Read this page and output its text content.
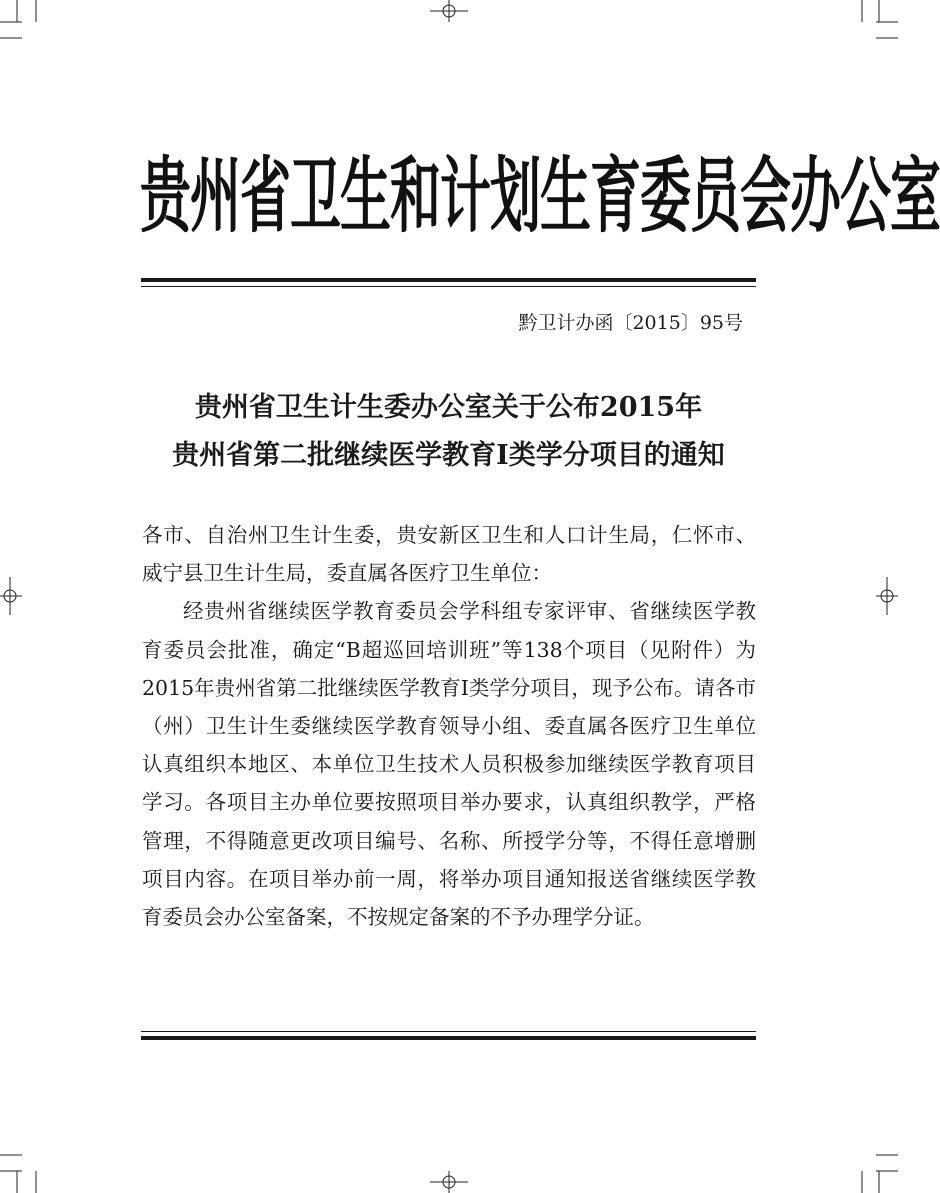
贵州省卫生和计划生育委员会办公室
黔卫计办函〔2015〕95号
贵州省卫生计生委办公室关于公布2015年
贵州省第二批继续医学教育Ⅰ类学分项目的通知

各市、自治州卫生计生委，贵安新区卫生和人口计生局，仁怀市、威宁县卫生计生局，委直属各医疗卫生单位：

经贵州省继续医学教育委员会学科组专家评审、省继续医学教育委员会批准，确定“B超巡回培训班”等138个项目（见附件）为2015年贵州省第二批继续医学教育Ⅰ类学分项目，现予公布。请各市（州）卫生计生委继续医学教育领导小组、委直属各医疗卫生单位认真组织本地区、本单位卫生技术人员积极参加继续医学教育项目学习。各项目主办单位要按照项目举办要求，认真组织教学，严格管理，不得随意更改项目编号、名称、所授学分等，不得任意增删项目内容。在项目举办前一周，将举办项目通知报送省继续医学教育委员会办公室备案，不按规定备案的不予办理学分证。
